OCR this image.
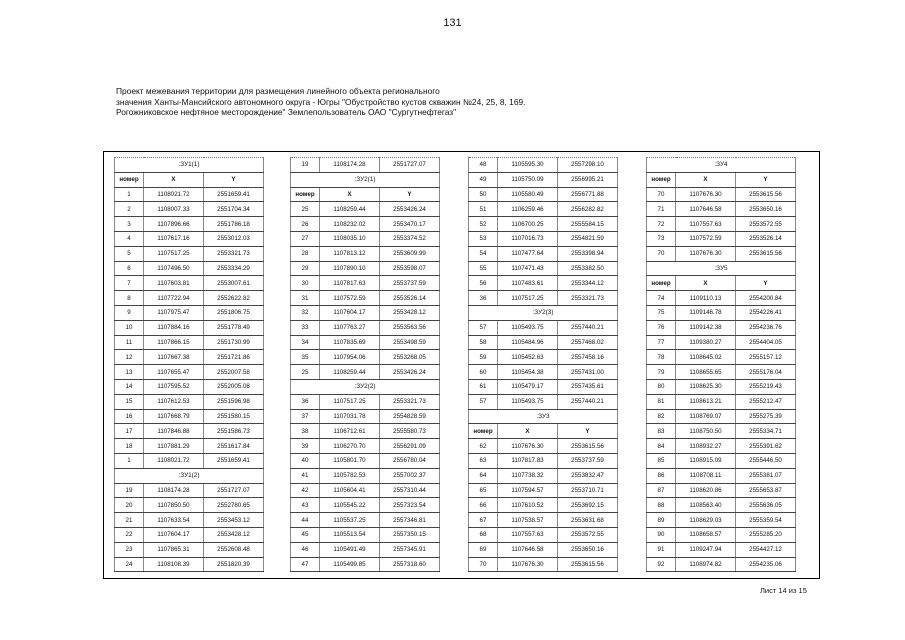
131
Проект межевания территории для размещения линейного объекта регионального
значения Ханты-Мансийского автономного округа - Югры "Обустройство кустов скважин №24, 25, 8, 169.
Рогожниковское нефтяное месторождение" Землепользователь ОАО "Сургутнефтегаз"
:ЗУ1(1)		
номер	X	Y
1	1108021.72	2551659.41
2	1108007.33	2551704.34
3	1107896.66	2551786.18
4	1107617.16	2553012.03
5	1107517.25	2553321.73
6	1107496.50	2553334.29
7	1107603.81	2553007.61
8	1107722.94	2552622.82
9	1107975.47	2551806.75
10	1107884.16	2551778.49
11	1107866.15	2551730.99
12	1107667.38	2551721.86
13	1107655.47	2552007.58
14	1107595.52	2552005.08
15	1107612.53	2551596.98
16	1107668.79	2551580.15
17	1107846.88	2551586.73
18	1107881.29	2551617.84
1	1108021.72	2551659.41
:ЗУ1(2)		
19	1108174.28	2551727.07
20	1107850.50	2552780.65
21	1107633.54	2553453.12
22	1107604.17	2553428.12
23	1107865.31	2552608.48
24	1108108.39	2551820.39
19	1108174.28	2551727.07
:ЗУ2(1)		
номер	X	Y
25	1108259.44	2553426.24
26	1108232.02	2553470.17
27	1108035.10	2553374.52
28	1107813.12	2553609.99
29	1107890.10	2553598.07
30	1107817.63	2553737.59
31	1107572.59	2553526.14
32	1107604.17	2553428.12
33	1107763.27	2553563.56
34	1107835.69	2553498.59
35	1107954.06	2553268.05
25	1108259.44	2553426.24
:ЗУ2(2)		
36	1107517.25	2553321.73
37	1107031.78	2554828.59
38	1106712.61	2555580.73
39	1106270.70	2556291.09
40	1105801.70	2556780.04
41	1105782.53	2557002.37
42	1105604.41	2557310.44
43	1105545.22	2557323.54
44	1105537.25	2557346.81
45	1105513.54	2557350.15
46	1105491.49	2557345.91
47	1105499.85	2557318.60
48	1105595.30	2557298.10
49	1105750.09	2556995.21
50	1105580.49	2556771.88
51	1106259.46	2556282.82
52	1106700.25	2555584.15
53	1107016.73	2554821.59
54	1107477.64	2553398.94
55	1107471.43	2553382.50
56	1107483.61	2553344.12
36	1107517.25	2553321.73
:ЗУ2(3)		
57	1105493.75	2557440.21
58	1105484.96	2557468.02
59	1105452.63	2557458.16
60	1105454.38	2557431.00
61	1105479.17	2557435.61
57	1105493.75	2557440.21
:ЗУ3		
номер	X	Y
62	1107676.30	2553615.56
63	1107817.83	2553737.59
64	1107738.32	2553832.47
65	1107594.57	2553710.71
66	1107610.52	2553692.15
67	1107538.57	2553631.68
68	1107557.63	2553572.55
69	1107646.58	2553650.16
70	1107676.30	2553615.56
:ЗУ4		
номер	X	Y
70	1107676.30	2553615.56
71	1107646.58	2553650.16
72	1107557.63	2553572.55
73	1107572.59	2553526.14
70	1107676.30	2553615.56
:ЗУ5		
номер	X	Y
74	1109110.13	2554200.84
75	1109146.78	2554226.41
76	1109142.38	2554236.76
77	1109380.27	2554404.05
78	1108645.02	2555157.12
79	1108655.65	2555176.04
80	1108625.30	2555219.43
81	1108613.21	2555212.47
82	1108769.07	2555275.39
83	1108750.50	2555334.71
84	1108932.27	2555391.62
85	1108915.09	2555446.50
86	1108708.11	2555381.07
87	1108620.86	2555653.87
88	1108563.40	2555636.05
89	1108629.03	2555359.54
90	1108658.57	2555285.20
91	1109247.94	2554427.12
92	1108974.82	2554235.06
Лист 14 из 15
